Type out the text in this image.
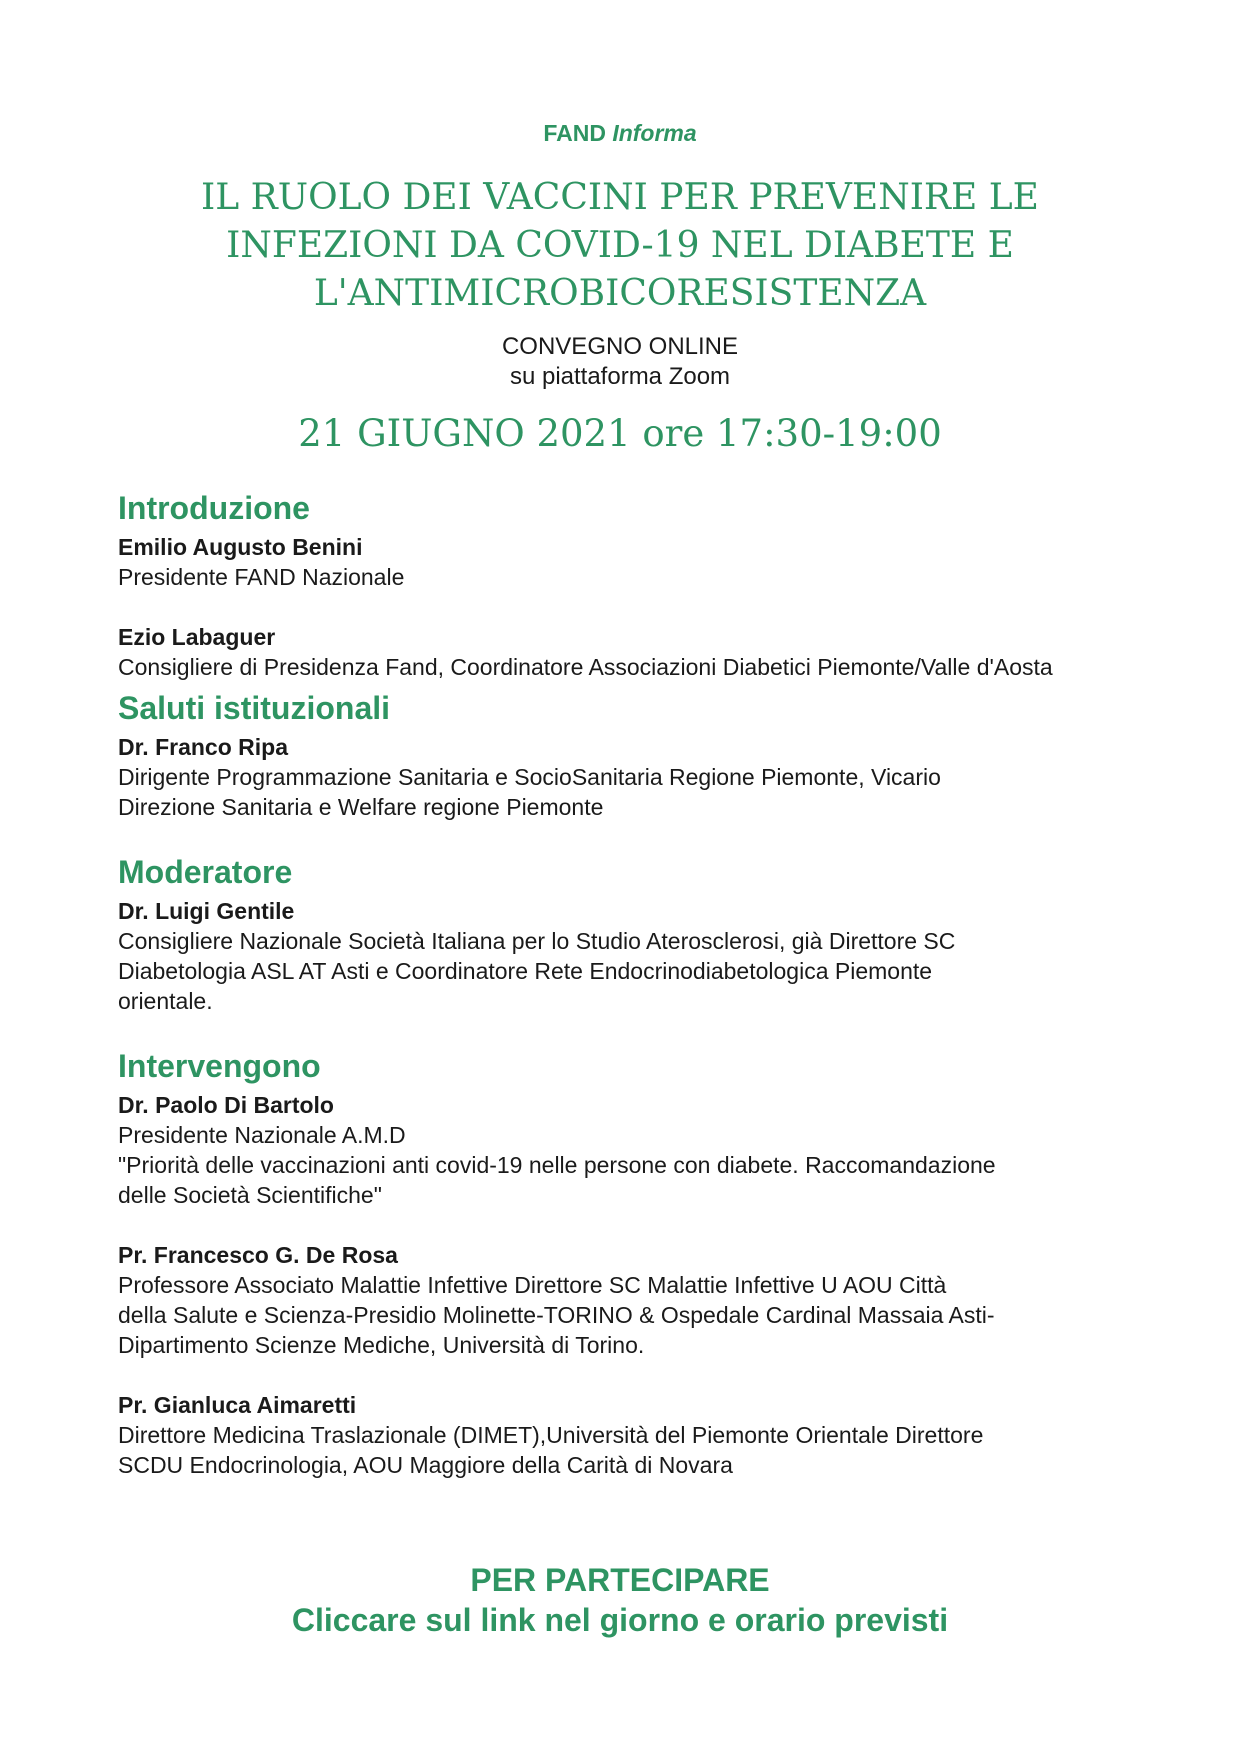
FAND Informa
IL RUOLO DEI VACCINI PER PREVENIRE LE
INFEZIONI DA COVID-19 NEL DIABETE E
L'ANTIMICROBICORESISTENZA
CONVEGNO ONLINE
su piattaforma Zoom
21 GIUGNO 2021 ore 17:30-19:00
Introduzione
Emilio Augusto Benini
Presidente FAND Nazionale
Ezio Labaguer
Consigliere di Presidenza Fand, Coordinatore Associazioni Diabetici Piemonte/Valle d'Aosta
Saluti istituzionali
Dr. Franco Ripa
Dirigente Programmazione Sanitaria e SocioSanitaria Regione Piemonte, Vicario
Direzione Sanitaria e Welfare regione Piemonte
Moderatore
Dr. Luigi Gentile
Consigliere Nazionale Società Italiana per lo Studio Aterosclerosi, già Direttore SC
Diabetologia ASL AT Asti e Coordinatore Rete Endocrinodiabetologica Piemonte
orientale.
Intervengono
Dr. Paolo Di Bartolo
Presidente Nazionale A.M.D
"Priorità delle vaccinazioni anti covid-19 nelle persone con diabete. Raccomandazione
delle Società Scientifiche"
Pr. Francesco G. De Rosa
Professore Associato Malattie Infettive Direttore SC Malattie Infettive U AOU Città
della Salute e Scienza-Presidio Molinette-TORINO & Ospedale Cardinal Massaia Asti-
Dipartimento Scienze Mediche, Università di Torino.
Pr. Gianluca Aimaretti
Direttore Medicina Traslazionale (DIMET),Università del Piemonte Orientale Direttore
SCDU Endocrinologia, AOU Maggiore della Carità di Novara
PER PARTECIPARE
Cliccare sul link nel giorno e orario previsti
